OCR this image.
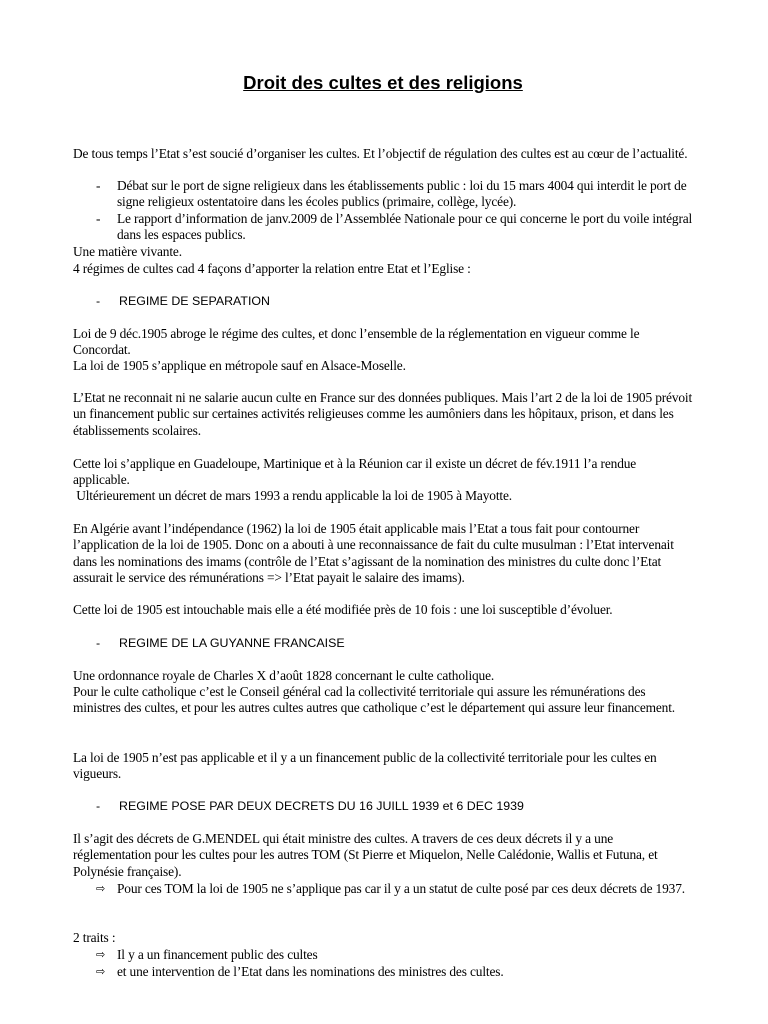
Droit des cultes et des religions

De tous temps l’Etat s’est soucié d’organiser les cultes. Et l’objectif de régulation des cultes est au cœur de l’actualité.

-	Débat sur le port de signe religieux dans les établissements public : loi du 15 mars 4004 qui interdit le port de signe religieux ostentatoire dans les écoles publics (primaire, collège, lycée).
-	Le rapport d’information de janv.2009 de l’Assemblée Nationale pour ce qui concerne le port du voile intégral dans les espaces publics.

Une matière vivante.

4 régimes de cultes cad 4 façons d’apporter la relation entre Etat et l’Eglise :

-	REGIME DE SEPARATION

Loi de 9 déc.1905 abroge le régime des cultes, et donc l’ensemble de la réglementation en vigueur comme le Concordat.

La loi de 1905 s’applique en métropole sauf en Alsace-Moselle.

L’Etat ne reconnait ni ne salarie aucun culte en France sur des données publiques. Mais l’art 2 de la loi de 1905 prévoit un financement public sur certaines activités religieuses comme les aumôniers dans les hôpitaux, prison, et dans les établissements scolaires.

Cette loi s’applique en Guadeloupe, Martinique et à la Réunion car il existe un décret de fév.1911 l’a rendue applicable.

Ultérieurement un décret de mars 1993 a rendu applicable la loi de 1905 à Mayotte.

En Algérie avant l’indépendance (1962) la loi de 1905 était applicable mais l’Etat a tous fait pour contourner l’application de la loi de 1905. Donc on a abouti à une reconnaissance de fait du culte musulman : l’Etat intervenait dans les nominations des imams (contrôle de l’Etat s’agissant de la nomination des ministres du culte donc l’Etat assurait le service des rémunérations => l’Etat payait le salaire des imams).

Cette loi de 1905 est intouchable mais elle a été modifiée près de 10 fois : une loi susceptible d’évoluer.

-	REGIME DE LA GUYANNE FRANCAISE

Une ordonnance royale de Charles X d’août 1828 concernant le culte catholique.

Pour le culte catholique c’est le Conseil général cad la collectivité territoriale qui assure les rémunérations des ministres des cultes, et pour les autres cultes autres que catholique c’est le département qui assure leur financement.

La loi de 1905 n’est pas applicable et il y a un financement public de la collectivité territoriale pour les cultes en vigueurs.

-	REGIME POSE PAR DEUX DECRETS DU 16 JUILL 1939 et 6 DEC 1939

Il s’agit des décrets de G.MENDEL qui était ministre des cultes. A travers de ces deux décrets il y a une réglementation pour les cultes pour les autres TOM (St Pierre et Miquelon, Nelle Calédonie, Wallis et Futuna, et Polynésie française).

⇨ Pour ces TOM la loi de 1905 ne s’applique pas car il y a un statut de culte posé par ces deux décrets de 1937.

2 traits :

⇨ Il y a un financement public des cultes
⇨ et une intervention de l’Etat dans les nominations des ministres des cultes.
